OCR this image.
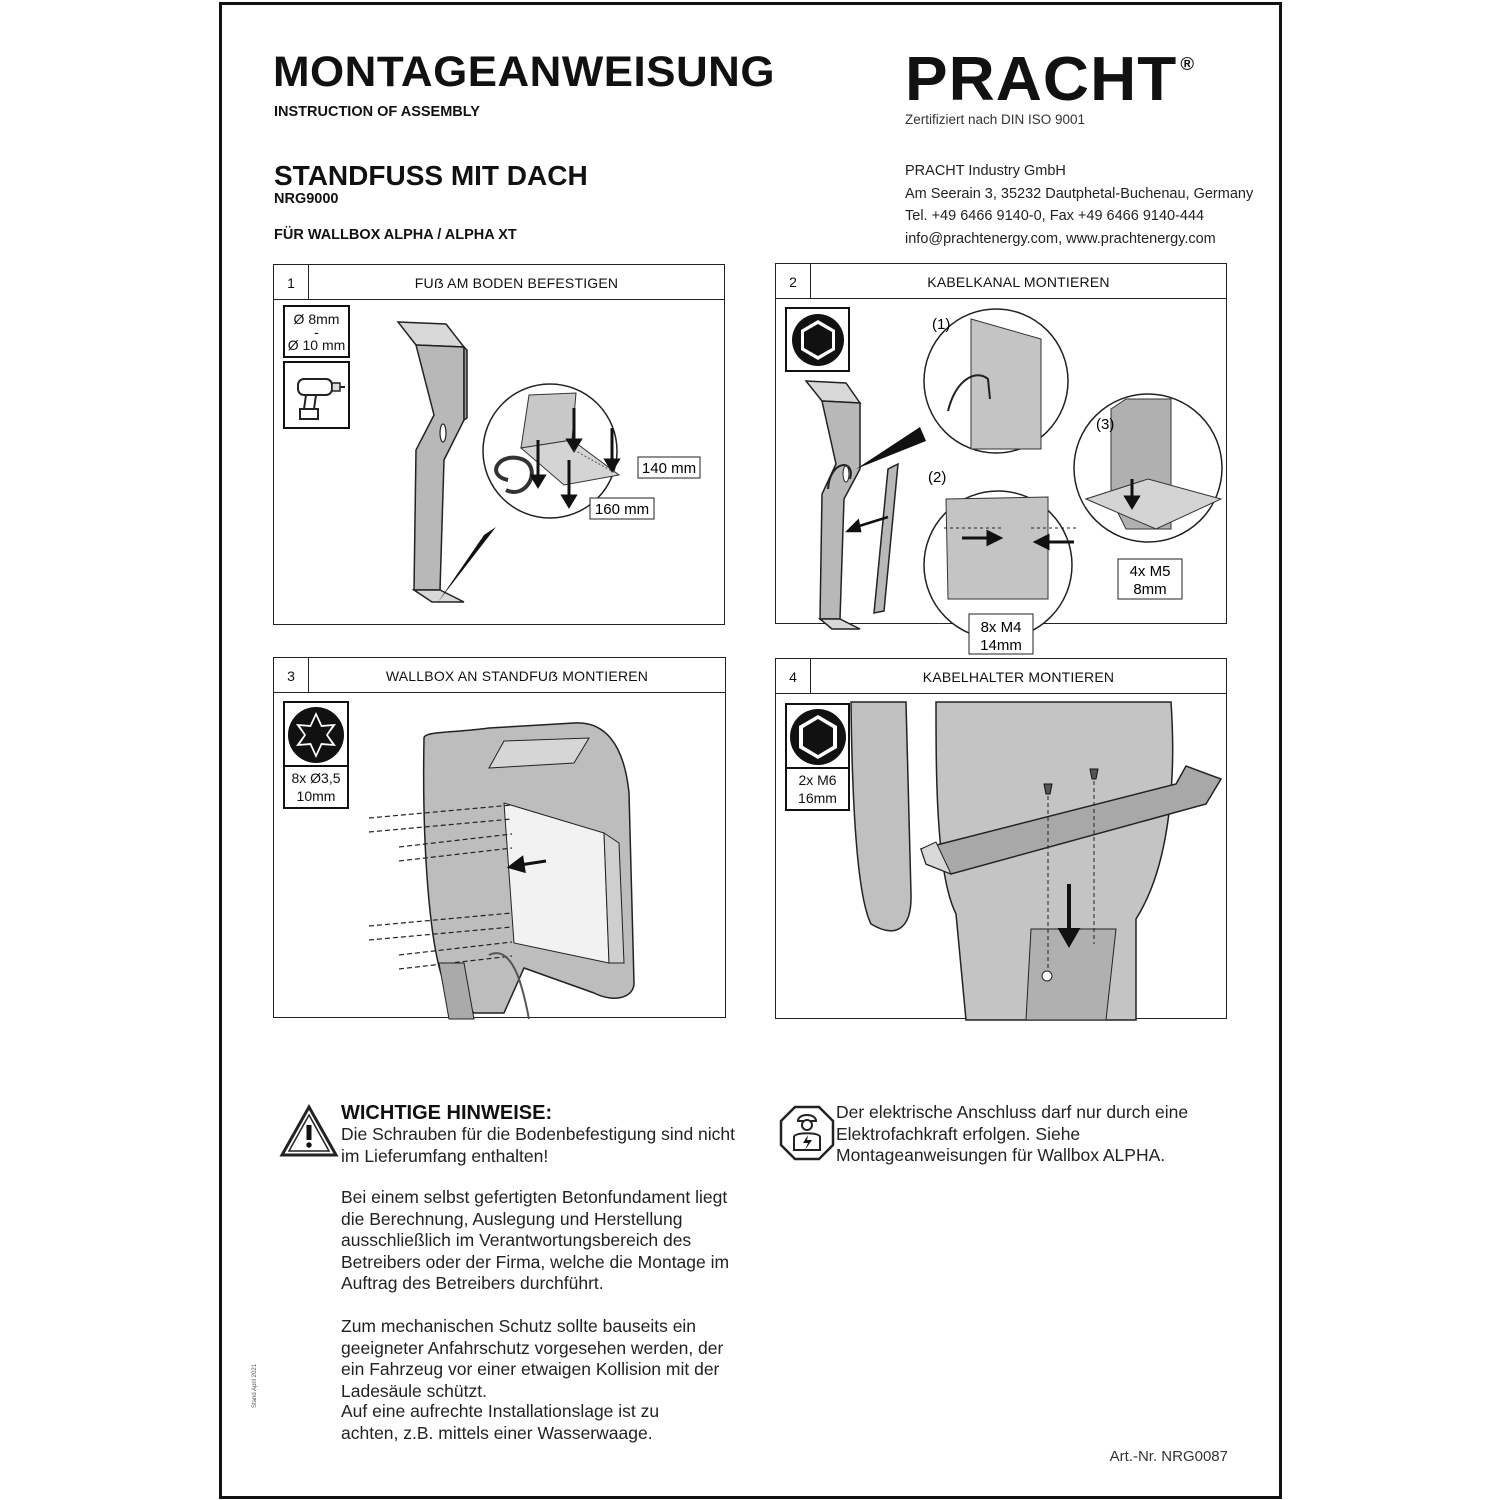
MONTAGEANWEISUNG
INSTRUCTION OF ASSEMBLY
STANDFUSS MIT DACH
NRG9000
FÜR WALLBOX ALPHA / ALPHA XT
PRACHT ®
Zertifiziert nach DIN ISO 9001
PRACHT Industry GmbH
Am Seerain 3, 35232 Dautphetal-Buchenau, Germany
Tel. +49 6466 9140-0, Fax +49 6466 9140-444
info@prachtenergy.com, www.prachtenergy.com
1	FUẞ AM BODEN BEFESTIGEN
Ø 8mm
-
Ø 10 mm
140 mm
160 mm
2	KABELKANAL MONTIEREN
(1)
(2)
8x M4
14mm
(3)
4x M5
8mm
3	WALLBOX AN STANDFUẞ MONTIEREN
8x Ø3,5
10mm
4	KABELHALTER MONTIEREN
2x M6
16mm
WICHTIGE HINWEISE:
Die Schrauben für die Bodenbefestigung sind nicht im Lieferumfang enthalten!
Bei einem selbst gefertigten Betonfundament liegt die Berechnung, Auslegung und Herstellung ausschließlich im Verantwortungsbereich des Betreibers oder der Firma, welche die Montage im Auftrag des Betreibers durchführt.
Zum mechanischen Schutz sollte bauseits ein geeigneter Anfahrschutz vorgesehen werden, der ein Fahrzeug vor einer etwaigen Kollision mit der Ladesäule schützt.
Auf eine aufrechte Installationslage ist zu achten, z.B. mittels einer Wasserwaage.
Der elektrische Anschluss darf nur durch eine Elektrofachkraft erfolgen. Siehe Montageanweisungen für Wallbox ALPHA.
Art.-Nr. NRG0087
Stand April 2021
